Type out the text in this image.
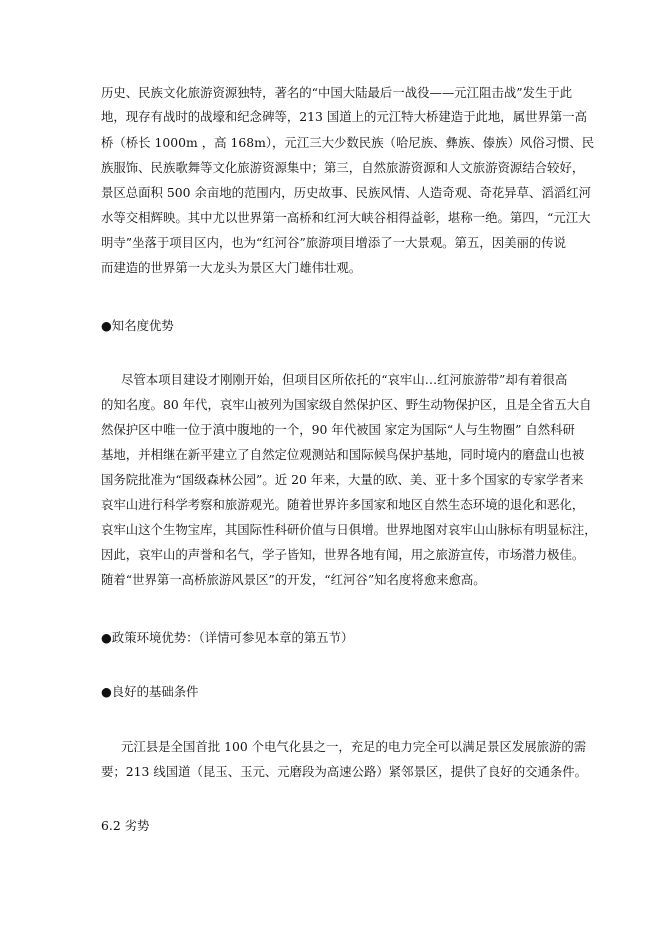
历史、民族文化旅游资源独特，著名的“中国大陆最后一战役——元江阻击战”发生于此
地，现存有战时的战壕和纪念碑等，213 国道上的元江特大桥建造于此地，属世界第一高
桥（桥长 1000m ，高 168m），元江三大少数民族（哈尼族、彝族、傣族）风俗习惯、民
族服饰、民族歌舞等文化旅游资源集中；第三，自然旅游资源和人文旅游资源结合较好，
景区总面积 500 余亩地的范围内，历史故事、民族风情、人造奇观、奇花异草、滔滔红河
水等交相辉映。其中尤以世界第一高桥和红河大峡谷相得益彰，堪称一绝。第四，“元江大
明寺”坐落于项目区内，也为“红河谷”旅游项目增添了一大景观。第五，因美丽的传说
而建造的世界第一大龙头为景区大门雄伟壮观。
●知名度优势
尽管本项目建设才刚刚开始，但项目区所依托的“哀牢山…红河旅游带”却有着很高
的知名度。80 年代，哀牢山被列为国家级自然保护区、野生动物保护区，且是全省五大自
然保护区中唯一位于滇中腹地的一个，90 年代被国 家定为国际“人与生物圈” 自然科研
基地，并相继在新平建立了自然定位观测站和国际候鸟保护基地，同时境内的磨盘山也被
国务院批准为“国级森林公园”。近 20 年来，大量的欧、美、亚十多个国家的专家学者来
哀牢山进行科学考察和旅游观光。随着世界许多国家和地区自然生态环境的退化和恶化，
哀牢山这个生物宝库，其国际性科研价值与日俱增。世界地图对哀牢山山脉标有明显标注，
因此，哀牢山的声誉和名气，学子皆知，世界各地有闻，用之旅游宣传，市场潜力极佳。
随着“世界第一高桥旅游风景区”的开发，“红河谷”知名度将愈来愈高。
●政策环境优势：（详情可参见本章的第五节）
●良好的基础条件
元江县是全国首批 100 个电气化县之一，充足的电力完全可以满足景区发展旅游的需
要；213 线国道（昆玉、玉元、元磨段为高速公路）紧邻景区，提供了良好的交通条件。
6.2 劣势
